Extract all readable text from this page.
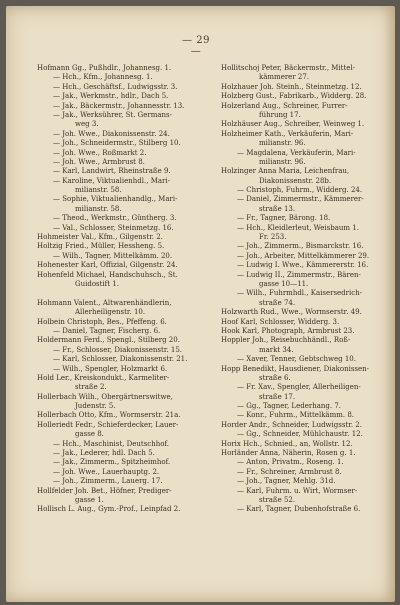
— 29 —
Hofmann Gg., Pußhdlr., Johannesg. 1.
— Hch., Kfm., Johannesg. 1.
— Hch., Geschäftsf., Ludwigsstr. 3.
— Jak., Werkmstr., hdlr., Dach 5.
— Jak., Bäckermstr., Johannesstr. 13.
— Jak., Werksührer, St. Germans-
weg 3.
— Joh. Wwe., Diakonissenstr. 24.
— Joh., Schneidermstr., Stilberg 10.
— Joh. Wwe., Roßmarkt 2.
— Joh. Wwe., Armbrust 8.
— Karl, Landwirt, Rheinstraße 9.
— Karoline, Viktualienhdl., Mari-
milianstr. 58.
— Sophie, Viktualienhandlg., Mari-
milianstr. 58.
— Theod., Werkmstr., Güntherg. 3.
— Val., Schlosser, Steinmetzg. 16.
Hohmeister Val., Kfm., Gilgenstr. 2.
Holtzig Fried., Müller, Hessheng. 5.
— Wilh., Tagner, Mittelkämm. 20.
Hohenester Karl, Offizial, Gilgenstr. 24.
Hohenfeld Michael, Handschuhsch., St.
Guidostift 1.
Hohmann Valent., Altwarenhändlerin,
Allerheiligenstr. 10.
Holbein Christoph, Bes., Pfeffeng. 6.
— Daniel, Tagner, Fischerg. 6.
Holdermann Ferd., Spengl., Stilberg 20.
— Fr., Schlosser, Diakonissenstr. 15.
— Karl, Schlosser, Diakonissenstr. 21.
— Wilh., Spengler, Holzmarkt 6.
Hold Ler., Kreiskondukt., Karmeliter-
straße 2.
Hollerbach Wilh., Obergärtnerswitwe,
Judenstr. 5.
Hollerbach Otto, Kfm., Wormserstr. 21a.
Holleriedt Fedr., Schieferdecker, Lauer-
gasse 8.
— Hch., Maschinist, Deutschhof.
— Jak., Lederer, hdl. Dach 5.
— Jak., Zimmerm., Spitzheimhof.
— Joh. Wwe., Lauerhauptg. 2.
— Joh., Zimmerm., Lauerg. 17.
Hollfelder Joh. Bet., Höfner, Prediger-
gasse 1.
Hollisch L. Aug., Gym.-Prof., Leinpfad 2.
Hollitschoj Peter, Bäckermstr., Mittel-
kämmerer 27.
Holzhauer Joh. Steinh., Steinmetzg. 12.
Holzberg Gust., Fabrikarb., Widderg. 28.
Holzerland Aug., Schreiner, Furrer-
führung 17.
Holzhäuser Aug., Schreiber, Weinweg 1.
Holzheimer Kath., Verkäuferin, Mari-
milianstr. 96.
— Magdalena, Verkäuferin, Mari-
milianstr. 96.
Holzinger Anna Maria, Leichenfrau,
Diakonissenstr. 28b.
— Christoph, Fuhrm., Widderg. 24.
— Daniel, Zimmermstr., Kämmerer-
straße 13.
— Fr., Tagner, Bärong. 18.
— Hch., Kleidlerleut, Weisbaum 1.
Fr. 253.
— Joh., Zimmerm., Bismarckstr. 16.
— Joh., Arbeiter, Mittelkämmerer 29.
— Ludwig I. Wwe., Kämmererstr. 16.
— Ludwig II., Zimmermstr., Bären-
gasse 10—11.
— Wilh., Fuhrmhdl., Kaisersedrich-
straße 74.
Holzwarth Rud., Wwe., Wormserstr. 49.
Hoof Karl, Schlosser, Widderg. 3.
Hook Karl, Photograph, Armbrust 23.
Hoppler Joh., Reisebuchhändl., Roß-
markt 34.
— Xaver, Tenner, Gebtschweg 10.
Hopp Benedikt, Hausdiener, Diakonissen-
straße 6.
— Fr. Xav., Spengler, Allerheiligen-
straße 17.
— Gg., Tagner, Lederhang. 7.
— Konr., Fuhrm., Mittelkämm. 8.
Horder Andr., Schneider, Ludwigsstr. 2.
— Gg., Schneider, Mühlchaustr. 12.
Horix Hch., Schnied., an, Wollstr. 12.
Horländer Anna, Näherin, Rosen g. 1.
— Anton, Privatm., Roseng. 1.
— Fr., Schreiner, Armbrust 8.
— Joh., Tagner, Mehlg. 31d.
— Karl, Fuhrm. u. Wirt, Wormser-
straße 52.
— Karl, Tagner, Dubenhofstraße 6.
